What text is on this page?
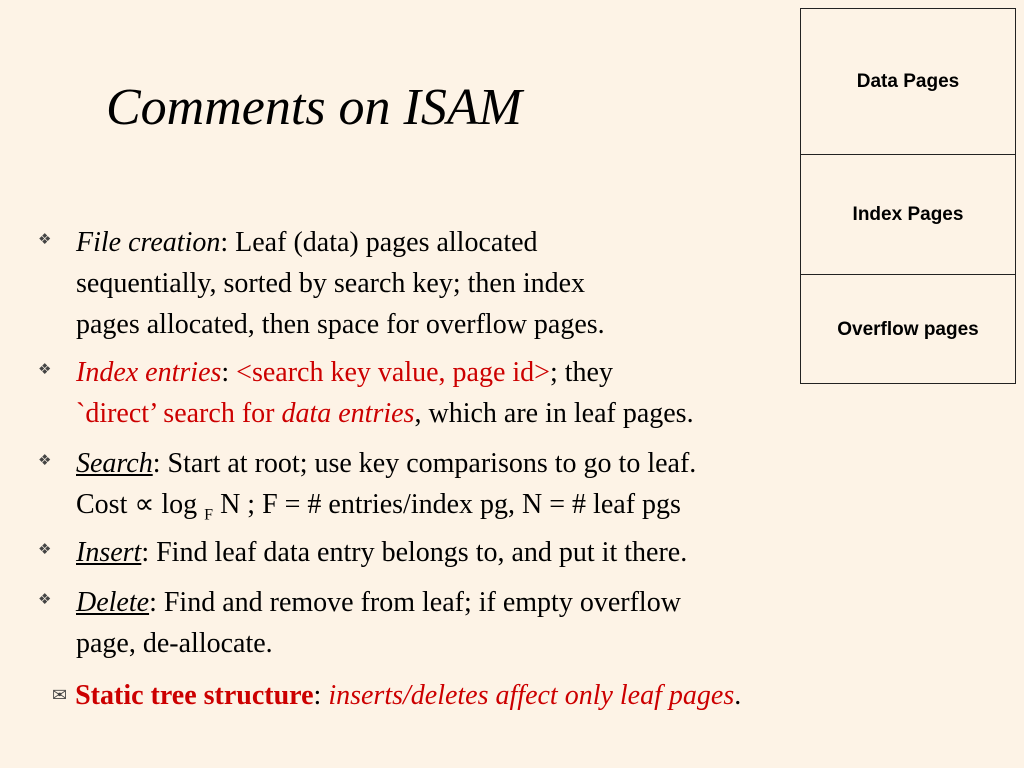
Comments on ISAM	Data Pages
Index Pages
Overflow pages
❖ File creation: Leaf (data) pages allocated
sequentially, sorted by search key; then index
pages allocated, then space for overflow pages.
❖ Index entries: <search key value, page id>; they
`direct’ search for data entries, which are in leaf pages.
❖ Search: Start at root; use key comparisons to go to leaf.
Cost ∝ log $_F$ N ; F = # entries/index pg, N = # leaf pgs
❖ Insert: Find leaf data entry belongs to, and put it there.
❖ Delete: Find and remove from leaf; if empty overflow
page, de-allocate.
✉ Static tree structure: inserts/deletes affect only leaf pages.
